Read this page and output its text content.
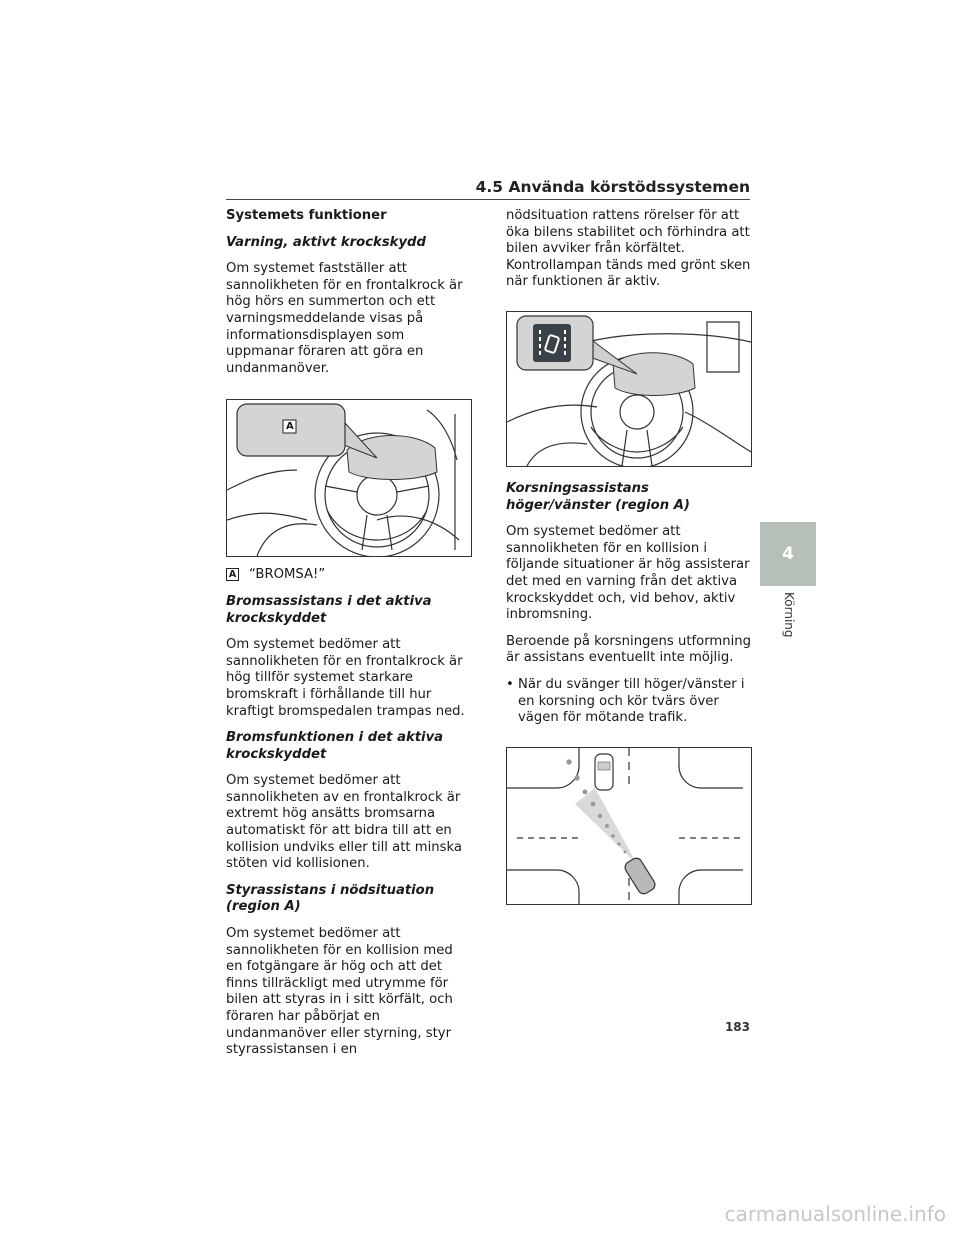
4.5 Använda körstödssystemen
Systemets funktioner
Varning, aktivt krockskydd

Om systemet fastställer att sannolikheten för en frontalkrock är hög hörs en summerton och ett varningsmeddelande visas på informationsdisplayen som uppmanar föraren att göra en undanmanöver.

A

A “BROMSA!”

Bromsassistans i det aktiva krockskyddet

Om systemet bedömer att sannolikheten för en frontalkrock är hög tillför systemet starkare bromskraft i förhållande till hur kraftigt bromspedalen trampas ned.

Bromsfunktionen i det aktiva krockskyddet

Om systemet bedömer att sannolikheten av en frontalkrock är extremt hög ansätts bromsarna automatiskt för att bidra till att en kollision undviks eller till att minska stöten vid kollisionen.

Styrassistans i nödsituation (region A)

Om systemet bedömer att sannolikheten för en kollision med en fotgängare är hög och att det finns tillräckligt med utrymme för bilen att styras in i sitt körfält, och föraren har påbörjat en undanmanöver eller styrning, styr styrassistansen i en

nödsituation rattens rörelser för att öka bilens stabilitet och förhindra att bilen avviker från körfältet. Kontrollampan tänds med grönt sken när funktionen är aktiv.

Korsningsassistans höger/vänster (region A)

Om systemet bedömer att sannolikheten för en kollision i följande situationer är hög assisterar det med en varning från det aktiva krockskyddet och, vid behov, aktiv inbromsning.

Beroende på korsningens utformning är assistans eventuellt inte möjlig.

• När du svänger till höger/vänster i en korsning och kör tvärs över vägen för mötande trafik.
4
Körning
183
carmanualsonline.info
